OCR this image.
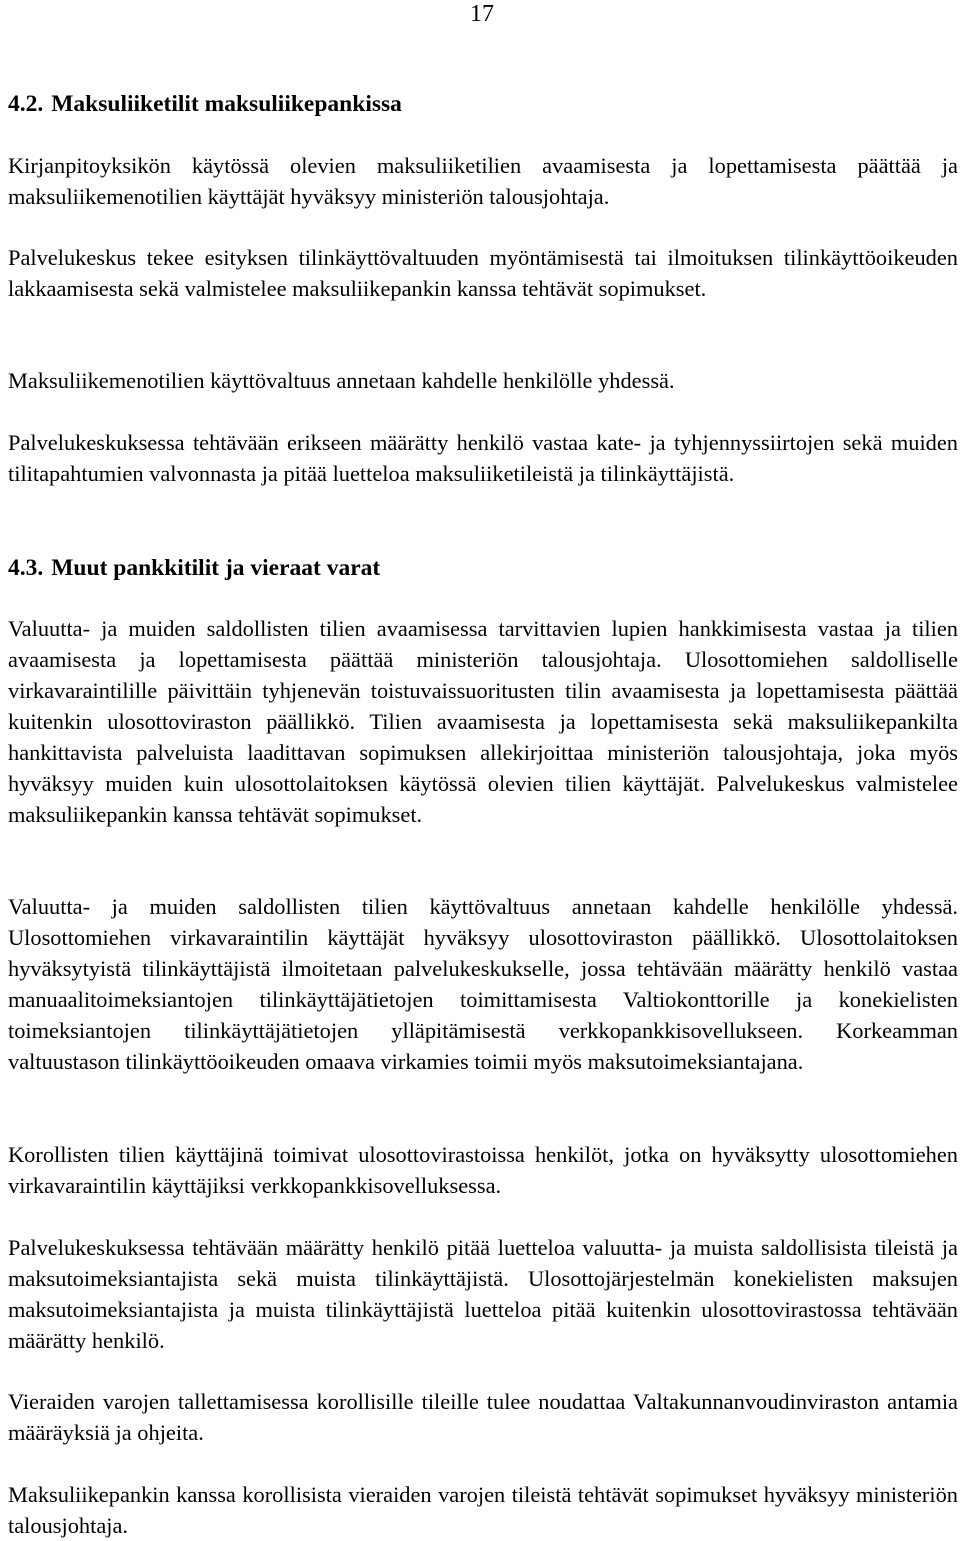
17
4.2. Maksuliiketilit maksuliikepankissa

Kirjanpitoyksikön käytössä olevien maksuliiketilien avaamisesta ja lopettamisesta päättää ja maksuliikemenotilien käyttäjät hyväksyy ministeriön talousjohtaja.

Palvelukeskus tekee esityksen tilinkäyttövaltuuden myöntämisestä tai ilmoituksen tilinkäyttöoikeuden lakkaamisesta sekä valmistelee maksuliikepankin kanssa tehtävät sopimukset.

Maksuliikemenotilien käyttövaltuus annetaan kahdelle henkilölle yhdessä.

Palvelukeskuksessa tehtävään erikseen määrätty henkilö vastaa kate- ja tyhjennyssiirtojen sekä muiden tilitapahtumien valvonnasta ja pitää luetteloa maksuliiketileistä ja tilinkäyttäjistä.

4.3. Muut pankkitilit ja vieraat varat

Valuutta- ja muiden saldollisten tilien avaamisessa tarvittavien lupien hankkimisesta vastaa ja tilien avaamisesta ja lopettamisesta päättää ministeriön talousjohtaja. Ulosottomiehen saldolliselle virkavaraintilille päivittäin tyhjenevän toistuvaissuoritusten tilin avaamisesta ja lopettamisesta päättää kuitenkin ulosottoviraston päällikkö. Tilien avaamisesta ja lopettamisesta sekä maksuliikepankilta hankittavista palveluista laadittavan sopimuksen allekirjoittaa ministeriön talousjohtaja, joka myös hyväksyy muiden kuin ulosottolaitoksen käytössä olevien tilien käyttäjät. Palvelukeskus valmistelee maksuliikepankin kanssa tehtävät sopimukset.

Valuutta- ja muiden saldollisten tilien käyttövaltuus annetaan kahdelle henkilölle yhdessä. Ulosottomiehen virkavaraintilin käyttäjät hyväksyy ulosottoviraston päällikkö. Ulosottolaitoksen hyväksytyistä tilinkäyttäjistä ilmoitetaan palvelukeskukselle, jossa tehtävään määrätty henkilö vastaa manuaalitoimeksiantojen tilinkäyttäjätietojen toimittamisesta Valtiokonttorille ja konekielisten toimeksiantojen tilinkäyttäjätietojen ylläpitämisestä verkkopankkisovellukseen. Korkeamman valtuustason tilinkäyttöoikeuden omaava virkamies toimii myös maksutoimeksiantajana.

Korollisten tilien käyttäjinä toimivat ulosottovirastoissa henkilöt, jotka on hyväksytty ulosottomiehen virkavaraintilin käyttäjiksi verkkopankkisovelluksessa.

Palvelukeskuksessa tehtävään määrätty henkilö pitää luetteloa valuutta- ja muista saldollisista tileistä ja maksutoimeksiantajista sekä muista tilinkäyttäjistä. Ulosottojärjestelmän konekielisten maksujen maksutoimeksiantajista ja muista tilinkäyttäjistä luetteloa pitää kuitenkin ulosottovirastossa tehtävään määrätty henkilö.

Vieraiden varojen tallettamisessa korollisille tileille tulee noudattaa Valtakunnanvoudinviraston antamia määräyksiä ja ohjeita.

Maksuliikepankin kanssa korollisista vieraiden varojen tileistä tehtävät sopimukset hyväksyy ministeriön talousjohtaja.
